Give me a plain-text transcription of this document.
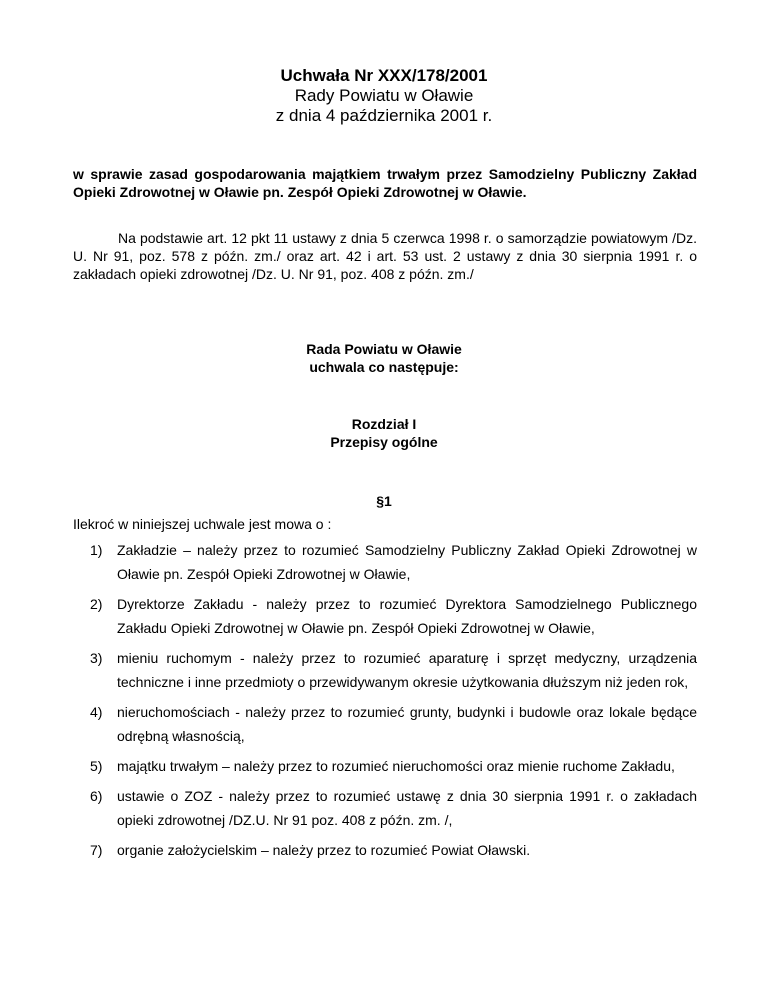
Uchwała Nr XXX/178/2001
Rady Powiatu w Oławie
z dnia 4 października 2001 r.
w sprawie zasad gospodarowania majątkiem trwałym przez Samodzielny Publiczny Zakład Opieki Zdrowotnej w Oławie pn. Zespół Opieki Zdrowotnej w Oławie.
Na podstawie art. 12 pkt 11 ustawy z dnia 5 czerwca 1998 r. o samorządzie powiatowym /Dz. U. Nr 91, poz. 578 z późn. zm./ oraz art. 42 i art. 53 ust. 2 ustawy z dnia 30 sierpnia 1991 r. o zakładach opieki zdrowotnej /Dz. U. Nr 91, poz. 408 z późn. zm./
Rada Powiatu w Oławie
uchwala co następuje:
Rozdział I
Przepisy ogólne
§1
Ilekroć w niniejszej uchwale jest mowa o :
1) Zakładzie – należy przez to rozumieć Samodzielny Publiczny Zakład Opieki Zdrowotnej w Oławie pn. Zespół Opieki Zdrowotnej w Oławie,
2) Dyrektorze Zakładu - należy przez to rozumieć Dyrektora Samodzielnego Publicznego Zakładu Opieki Zdrowotnej w Oławie pn. Zespół Opieki Zdrowotnej w Oławie,
3) mieniu ruchomym - należy przez to rozumieć aparaturę i sprzęt medyczny, urządzenia techniczne i inne przedmioty o przewidywanym okresie użytkowania dłuższym niż jeden rok,
4) nieruchomościach - należy przez to rozumieć grunty, budynki i budowle oraz lokale będące odrębną własnością,
5) majątku trwałym – należy przez to rozumieć nieruchomości oraz mienie ruchome Zakładu,
6) ustawie o ZOZ - należy przez to rozumieć ustawę z dnia 30 sierpnia 1991 r. o zakładach opieki zdrowotnej /DZ.U. Nr 91 poz. 408 z późn. zm. /,
7) organie założycielskim – należy przez to rozumieć Powiat Oławski.
